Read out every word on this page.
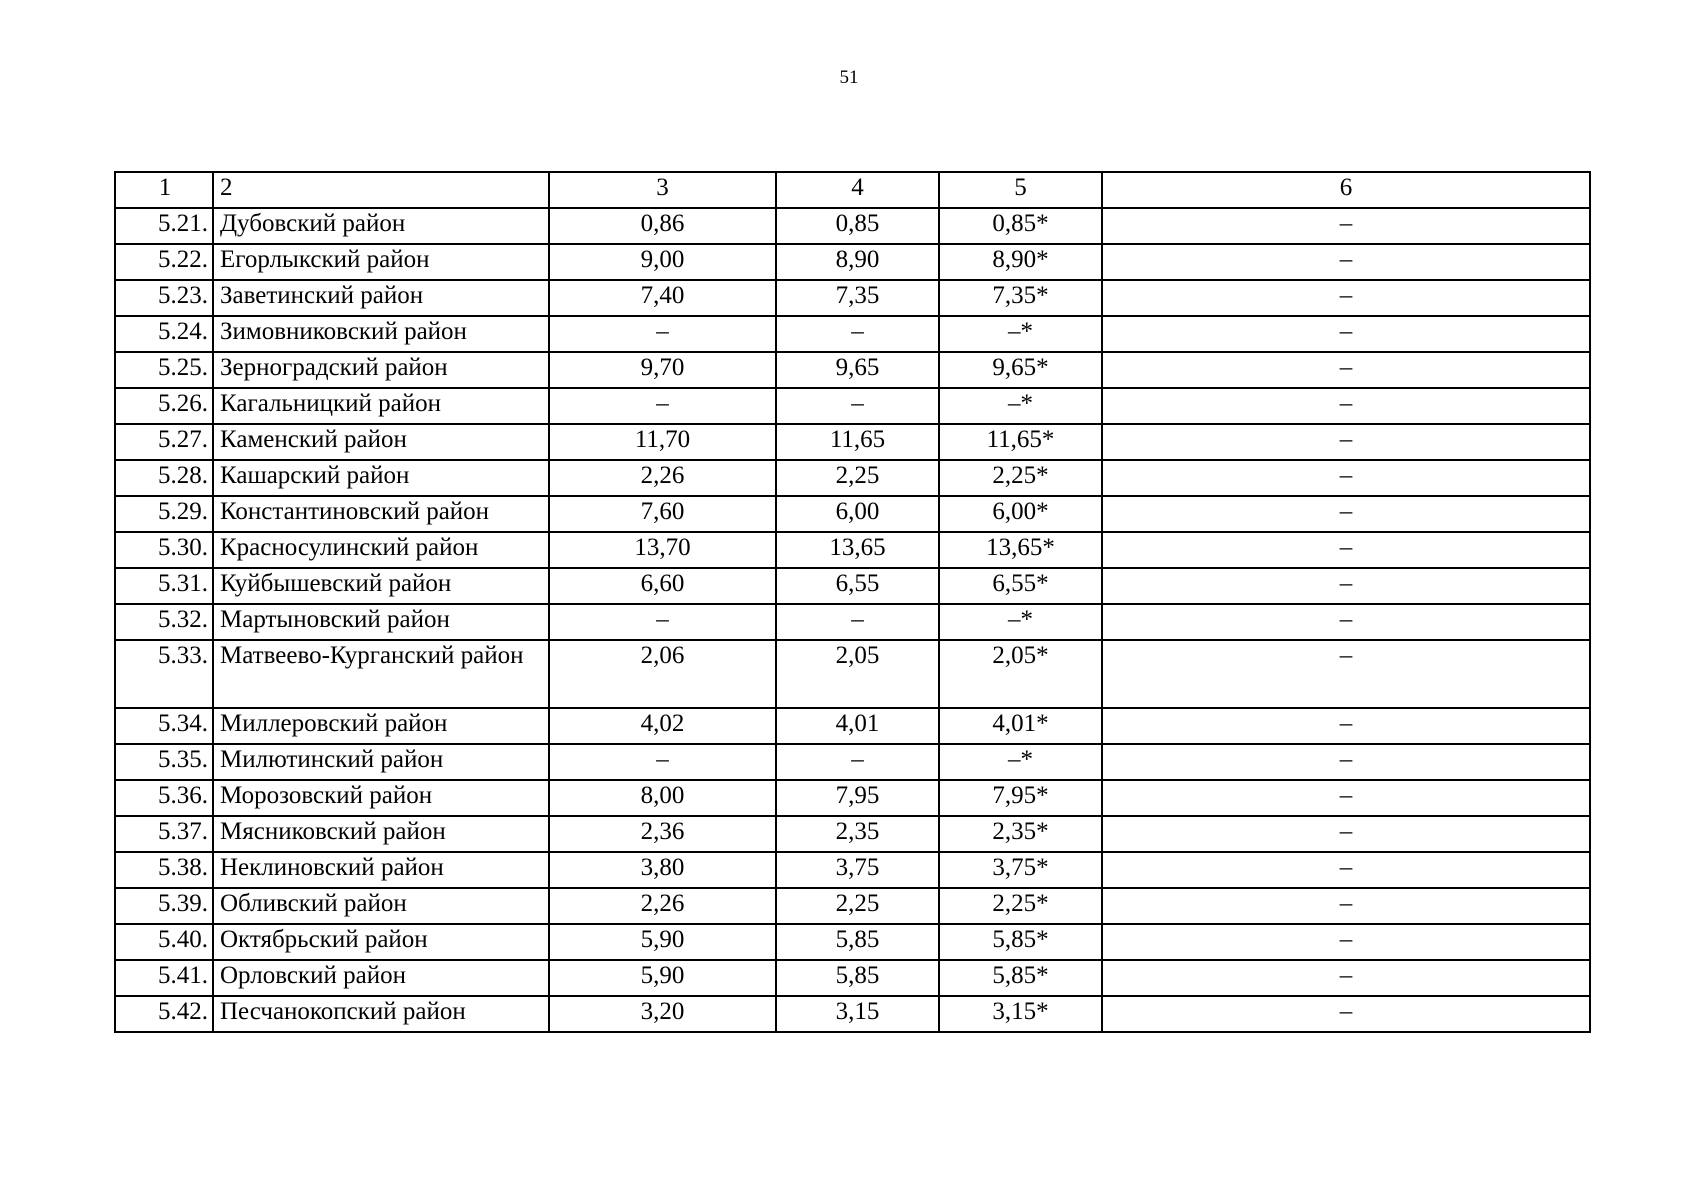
51
1	2	3	4	5	6
5.21.	Дубовский район	0,86	0,85	0,85*	–
5.22.	Егорлыкский район	9,00	8,90	8,90*	–
5.23.	Заветинский район	7,40	7,35	7,35*	–
5.24.	Зимовниковский район	–	–	–*	–
5.25.	Зерноградский район	9,70	9,65	9,65*	–
5.26.	Кагальницкий район	–	–	–*	–
5.27.	Каменский район	11,70	11,65	11,65*	–
5.28.	Кашарский район	2,26	2,25	2,25*	–
5.29.	Константиновский район	7,60	6,00	6,00*	–
5.30.	Красносулинский район	13,70	13,65	13,65*	–
5.31.	Куйбышевский район	6,60	6,55	6,55*	–
5.32.	Мартыновский район	–	–	–*	–
5.33.	Матвеево-Курганский район	2,06	2,05	2,05*	–
5.34.	Миллеровский район	4,02	4,01	4,01*	–
5.35.	Милютинский район	–	–	–*	–
5.36.	Морозовский район	8,00	7,95	7,95*	–
5.37.	Мясниковский район	2,36	2,35	2,35*	–
5.38.	Неклиновский район	3,80	3,75	3,75*	–
5.39.	Обливский район	2,26	2,25	2,25*	–
5.40.	Октябрьский район	5,90	5,85	5,85*	–
5.41.	Орловский район	5,90	5,85	5,85*	–
5.42.	Песчанокопский район	3,20	3,15	3,15*	–
